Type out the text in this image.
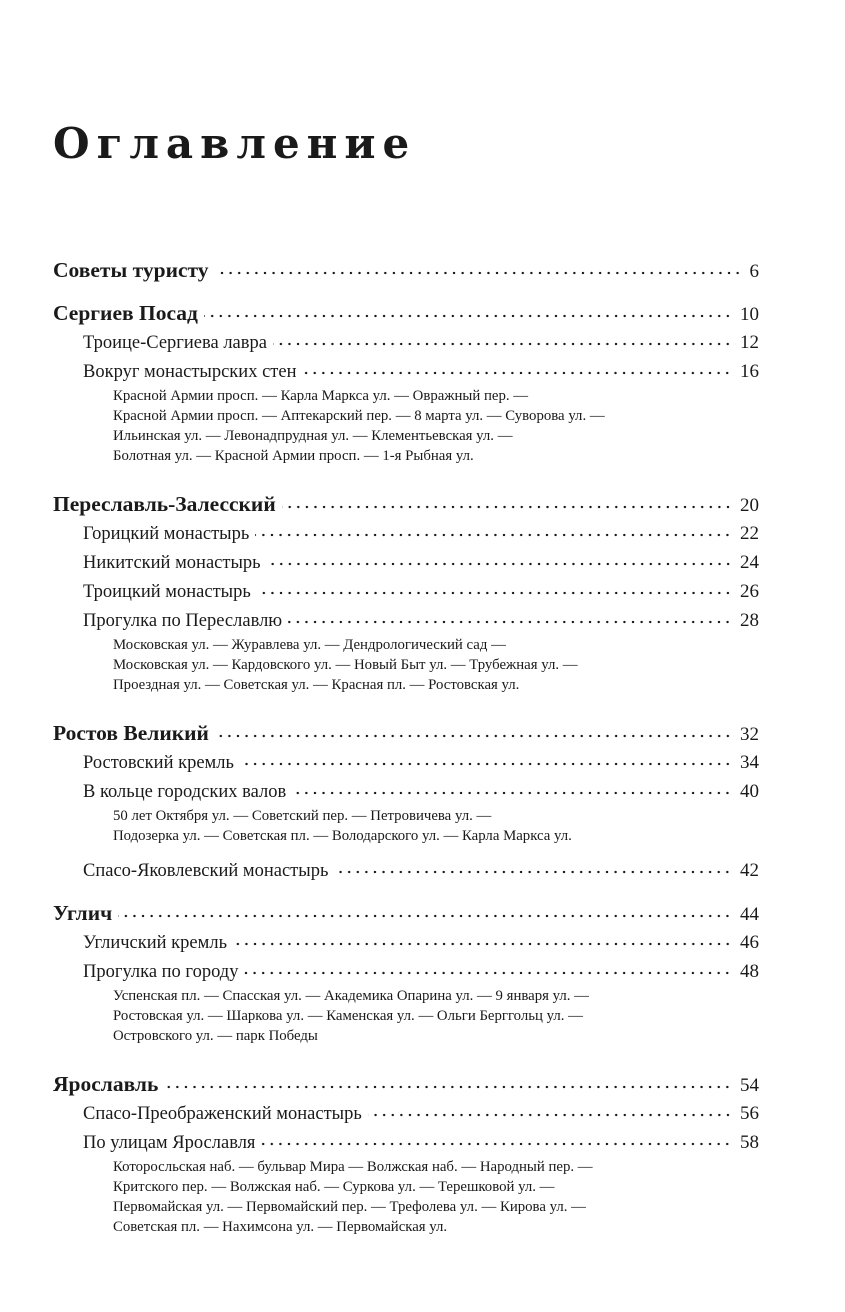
Оглавление
Советы туристу	6
Сергиев Посад	10
Троице-Сергиева лавра	12
Вокруг монастырских стен	16
Красной Армии просп. — Карла Маркса ул. — Овражный пер. —
Красной Армии просп. — Аптекарский пер. — 8 марта ул. — Суворова ул. —
Ильинская ул. — Левонадпрудная ул. — Клементьевская ул. —
Болотная ул. — Красной Армии просп. — 1-я Рыбная ул.
Переславль-Залесский	20
Горицкий монастырь	22
Никитский монастырь	24
Троицкий монастырь	26
Прогулка по Переславлю	28
Московская ул. — Журавлева ул. — Дендрологический сад —
Московская ул. — Кардовского ул. — Новый Быт ул. — Трубежная ул. —
Проездная ул. — Советская ул. — Красная пл. — Ростовская ул.
Ростов Великий	32
Ростовский кремль	34
В кольце городских валов	40
50 лет Октября ул. — Советский пер. — Петровичева ул. —
Подозерка ул. — Советская пл. — Володарского ул. — Карла Маркса ул.
Спасо-Яковлевский монастырь	42
Углич	44
Угличский кремль	46
Прогулка по городу	48
Успенская пл. — Спасская ул. — Академика Опарина ул. — 9 января ул. —
Ростовская ул. — Шаркова ул. — Каменская ул. — Ольги Берггольц ул. —
Островского ул. — парк Победы
Ярославль	54
Спасо-Преображенский монастырь	56
По улицам Ярославля	58
Которосльская наб. — бульвар Мира — Волжская наб. — Народный пер. —
Критского пер. — Волжская наб. — Суркова ул. — Терешковой ул. —
Первомайская ул. — Первомайский пер. — Трефолева ул. — Кирова ул. —
Советская пл. — Нахимсона ул. — Первомайская ул.
